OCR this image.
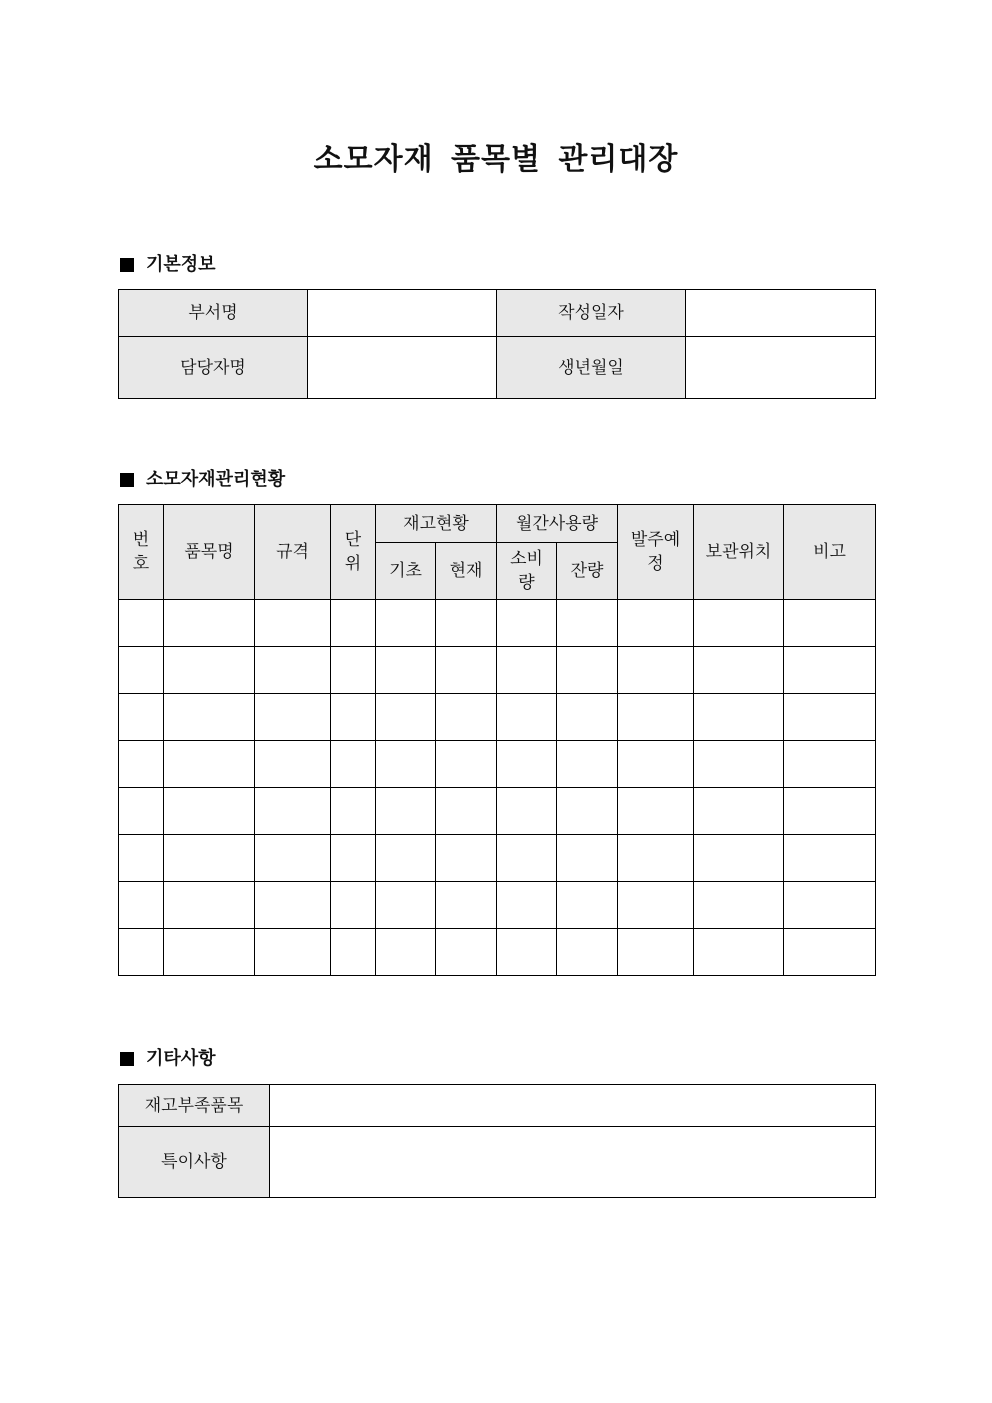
소모자재 품목별 관리대장
기본정보
부서명		작성일자	
담당자명		생년월일	
소모자재관리현황
번호	품목명	규격	단위	재고현황		월간사용량		발주예정	보관위치	비고
				기초	현재	소비량	잔량			

기타사항
재고부족품목	
특이사항	
